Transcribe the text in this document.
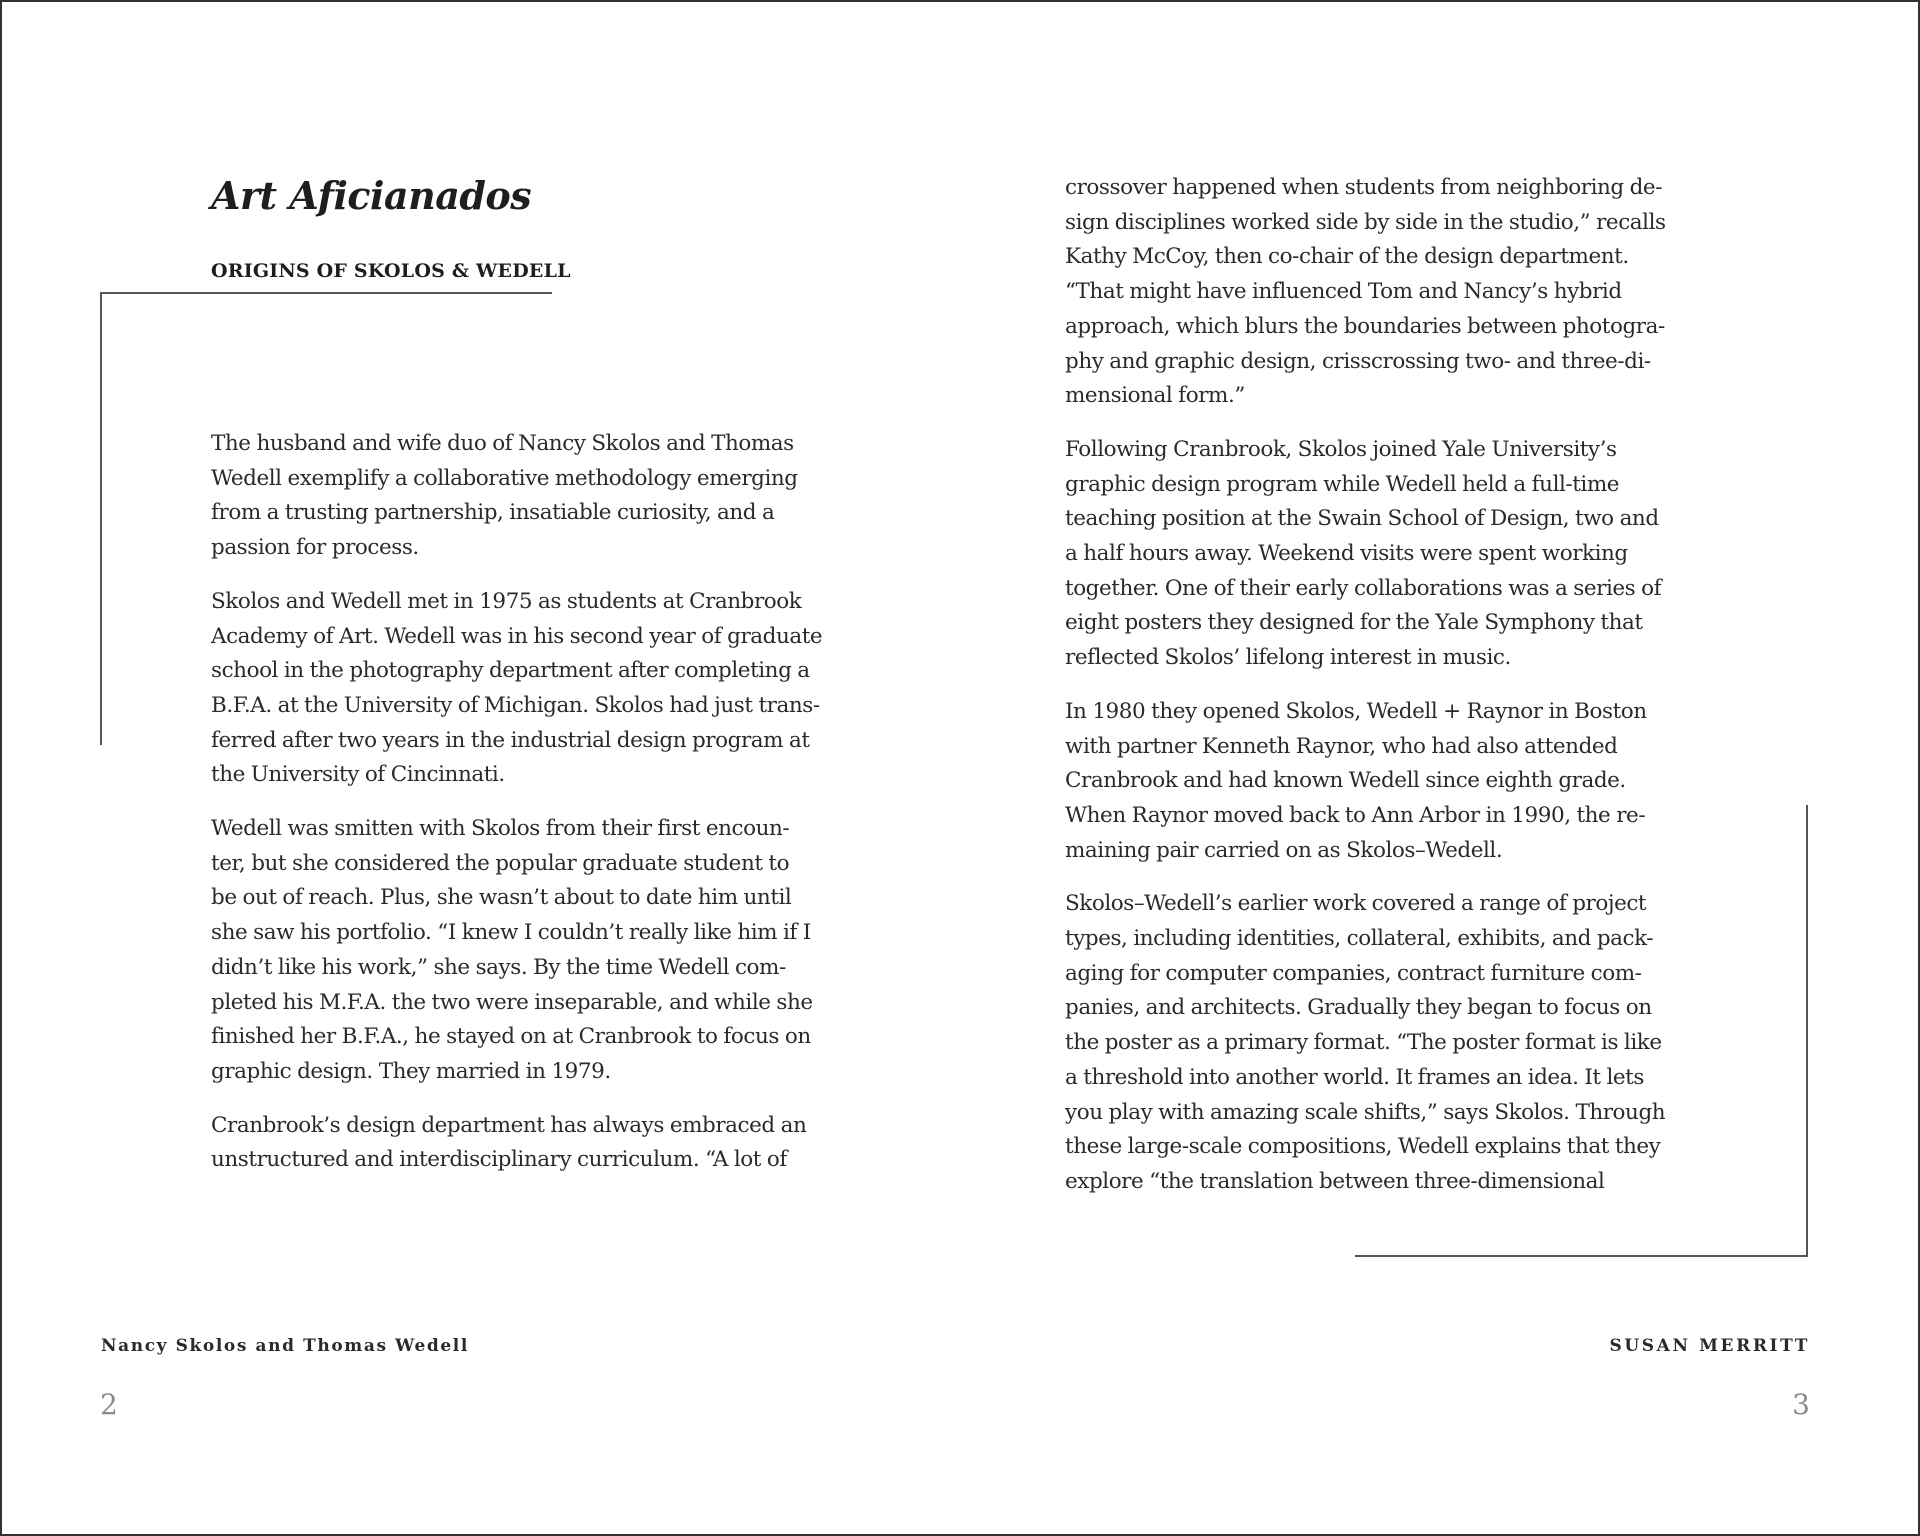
Art Aficianados
ORIGINS OF SKOLOS & WEDELL

The husband and wife duo of Nancy Skolos and Thomas
Wedell exemplify a collaborative methodology emerging
from a trusting partnership, insatiable curiosity, and a
passion for process.

Skolos and Wedell met in 1975 as students at Cranbrook
Academy of Art. Wedell was in his second year of graduate
school in the photography department after completing a
B.F.A. at the University of Michigan. Skolos had just trans-
ferred after two years in the industrial design program at
the University of Cincinnati.

Wedell was smitten with Skolos from their first encoun-
ter, but she considered the popular graduate student to
be out of reach. Plus, she wasn’t about to date him until
she saw his portfolio. “I knew I couldn’t really like him if I
didn’t like his work,” she says. By the time Wedell com-
pleted his M.F.A. the two were inseparable, and while she
finished her B.F.A., he stayed on at Cranbrook to focus on
graphic design. They married in 1979.

Cranbrook’s design department has always embraced an
unstructured and interdisciplinary curriculum. “A lot of

crossover happened when students from neighboring de-
sign disciplines worked side by side in the studio,” recalls
Kathy McCoy, then co-chair of the design department.
“That might have influenced Tom and Nancy’s hybrid
approach, which blurs the boundaries between photogra-
phy and graphic design, crisscrossing two- and three-di-
mensional form.”

Following Cranbrook, Skolos joined Yale University’s
graphic design program while Wedell held a full-time
teaching position at the Swain School of Design, two and
a half hours away. Weekend visits were spent working
together. One of their early collaborations was a series of
eight posters they designed for the Yale Symphony that
reflected Skolos’ lifelong interest in music.

In 1980 they opened Skolos, Wedell + Raynor in Boston
with partner Kenneth Raynor, who had also attended
Cranbrook and had known Wedell since eighth grade.
When Raynor moved back to Ann Arbor in 1990, the re-
maining pair carried on as Skolos–Wedell.

Skolos–Wedell’s earlier work covered a range of project
types, including identities, collateral, exhibits, and pack-
aging for computer companies, contract furniture com-
panies, and architects. Gradually they began to focus on
the poster as a primary format. “The poster format is like
a threshold into another world. It frames an idea. It lets
you play with amazing scale shifts,” says Skolos. Through
these large-scale compositions, Wedell explains that they
explore “the translation between three-dimensional

Nancy Skolos and Thomas Wedell

2

SUSAN MERRITT

3
